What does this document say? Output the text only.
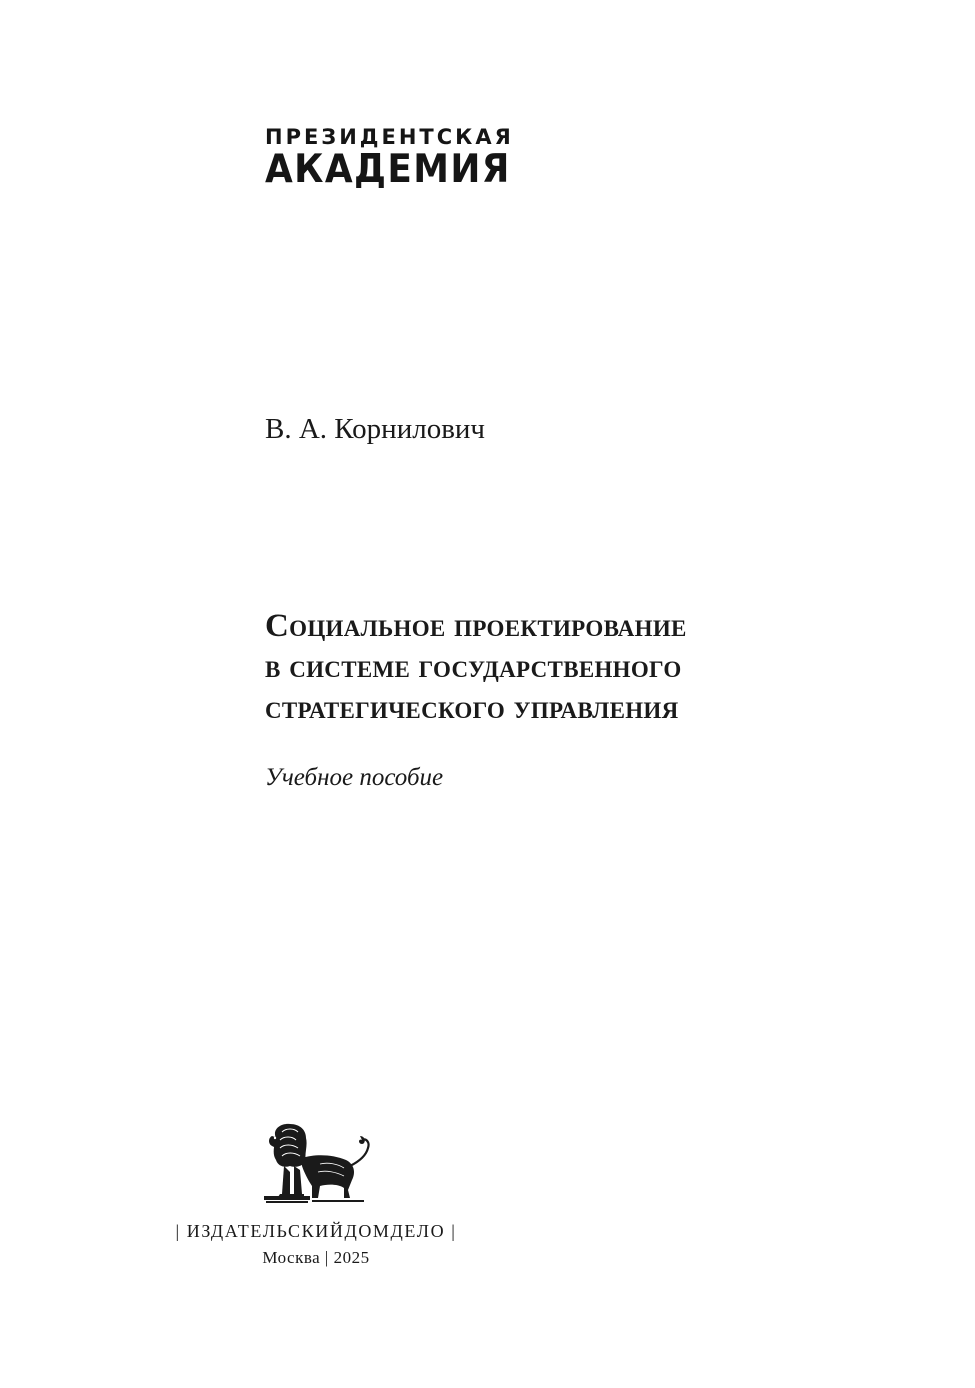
ПРЕЗИДЕНТСКАЯ
АКАДЕМИЯ
В. А. Корнилович
Социальное проектирование
в системе государственного
стратегического управления
Учебное пособие
| ИЗДАТЕЛЬСКИЙДОМДЕЛО |
Москва | 2025
